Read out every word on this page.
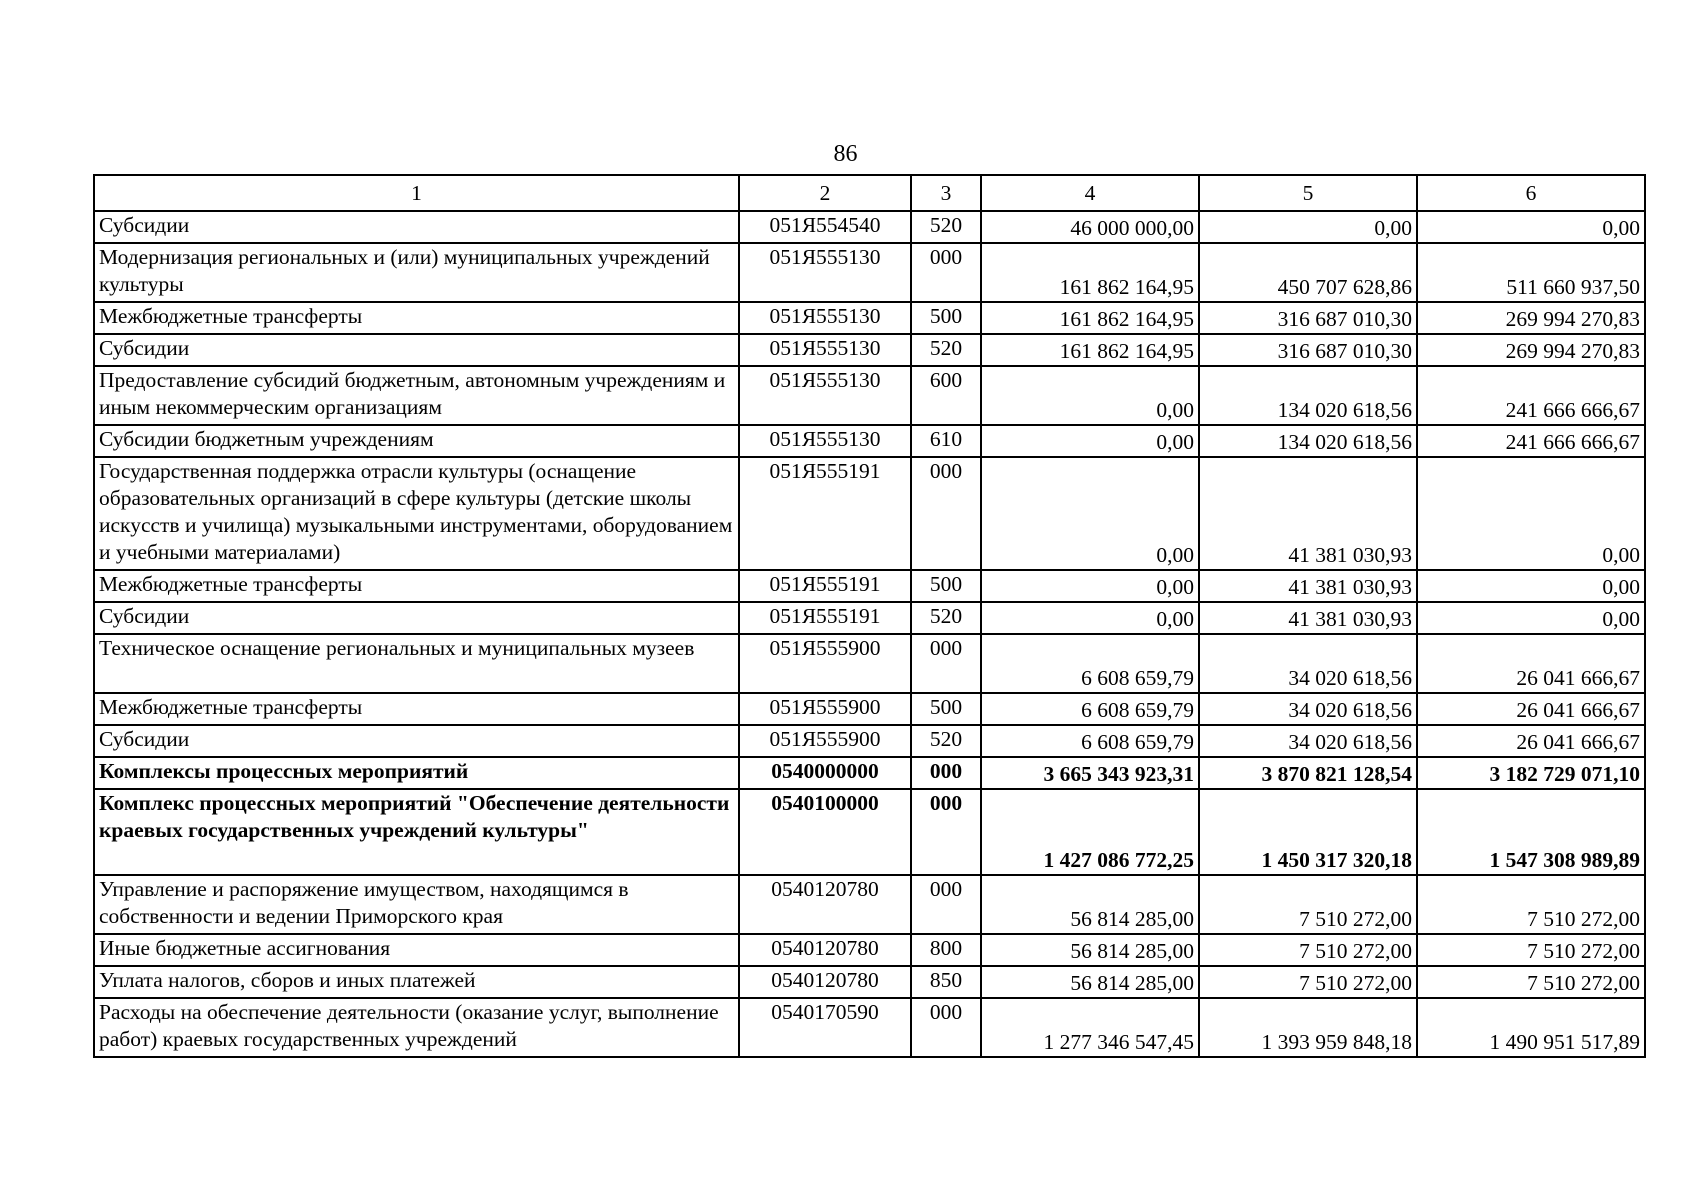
86
1	2	3	4	5	6
Субсидии	051Я554540	520	46 000 000,00	0,00	0,00
Модернизация региональных и (или) муниципальных учреждений культуры	051Я555130	000	161 862 164,95	450 707 628,86	511 660 937,50
Межбюджетные трансферты	051Я555130	500	161 862 164,95	316 687 010,30	269 994 270,83
Субсидии	051Я555130	520	161 862 164,95	316 687 010,30	269 994 270,83
Предоставление субсидий бюджетным, автономным учреждениям и иным некоммерческим организациям	051Я555130	600	0,00	134 020 618,56	241 666 666,67
Субсидии бюджетным учреждениям	051Я555130	610	0,00	134 020 618,56	241 666 666,67
Государственная поддержка отрасли культуры (оснащение образовательных организаций в сфере культуры (детские школы искусств и училища) музыкальными инструментами, оборудованием и учебными материалами)	051Я555191	000	0,00	41 381 030,93	0,00
Межбюджетные трансферты	051Я555191	500	0,00	41 381 030,93	0,00
Субсидии	051Я555191	520	0,00	41 381 030,93	0,00
Техническое оснащение региональных и муниципальных музеев	051Я555900	000	6 608 659,79	34 020 618,56	26 041 666,67
Межбюджетные трансферты	051Я555900	500	6 608 659,79	34 020 618,56	26 041 666,67
Субсидии	051Я555900	520	6 608 659,79	34 020 618,56	26 041 666,67
Комплексы процессных мероприятий	0540000000	000	3 665 343 923,31	3 870 821 128,54	3 182 729 071,10
Комплекс процессных мероприятий "Обеспечение деятельности краевых государственных учреждений культуры"	0540100000	000	1 427 086 772,25	1 450 317 320,18	1 547 308 989,89
Управление и распоряжение имуществом, находящимся в собственности и ведении Приморского края	0540120780	000	56 814 285,00	7 510 272,00	7 510 272,00
Иные бюджетные ассигнования	0540120780	800	56 814 285,00	7 510 272,00	7 510 272,00
Уплата налогов, сборов и иных платежей	0540120780	850	56 814 285,00	7 510 272,00	7 510 272,00
Расходы на обеспечение деятельности (оказание услуг, выполнение работ) краевых государственных учреждений	0540170590	000	1 277 346 547,45	1 393 959 848,18	1 490 951 517,89
